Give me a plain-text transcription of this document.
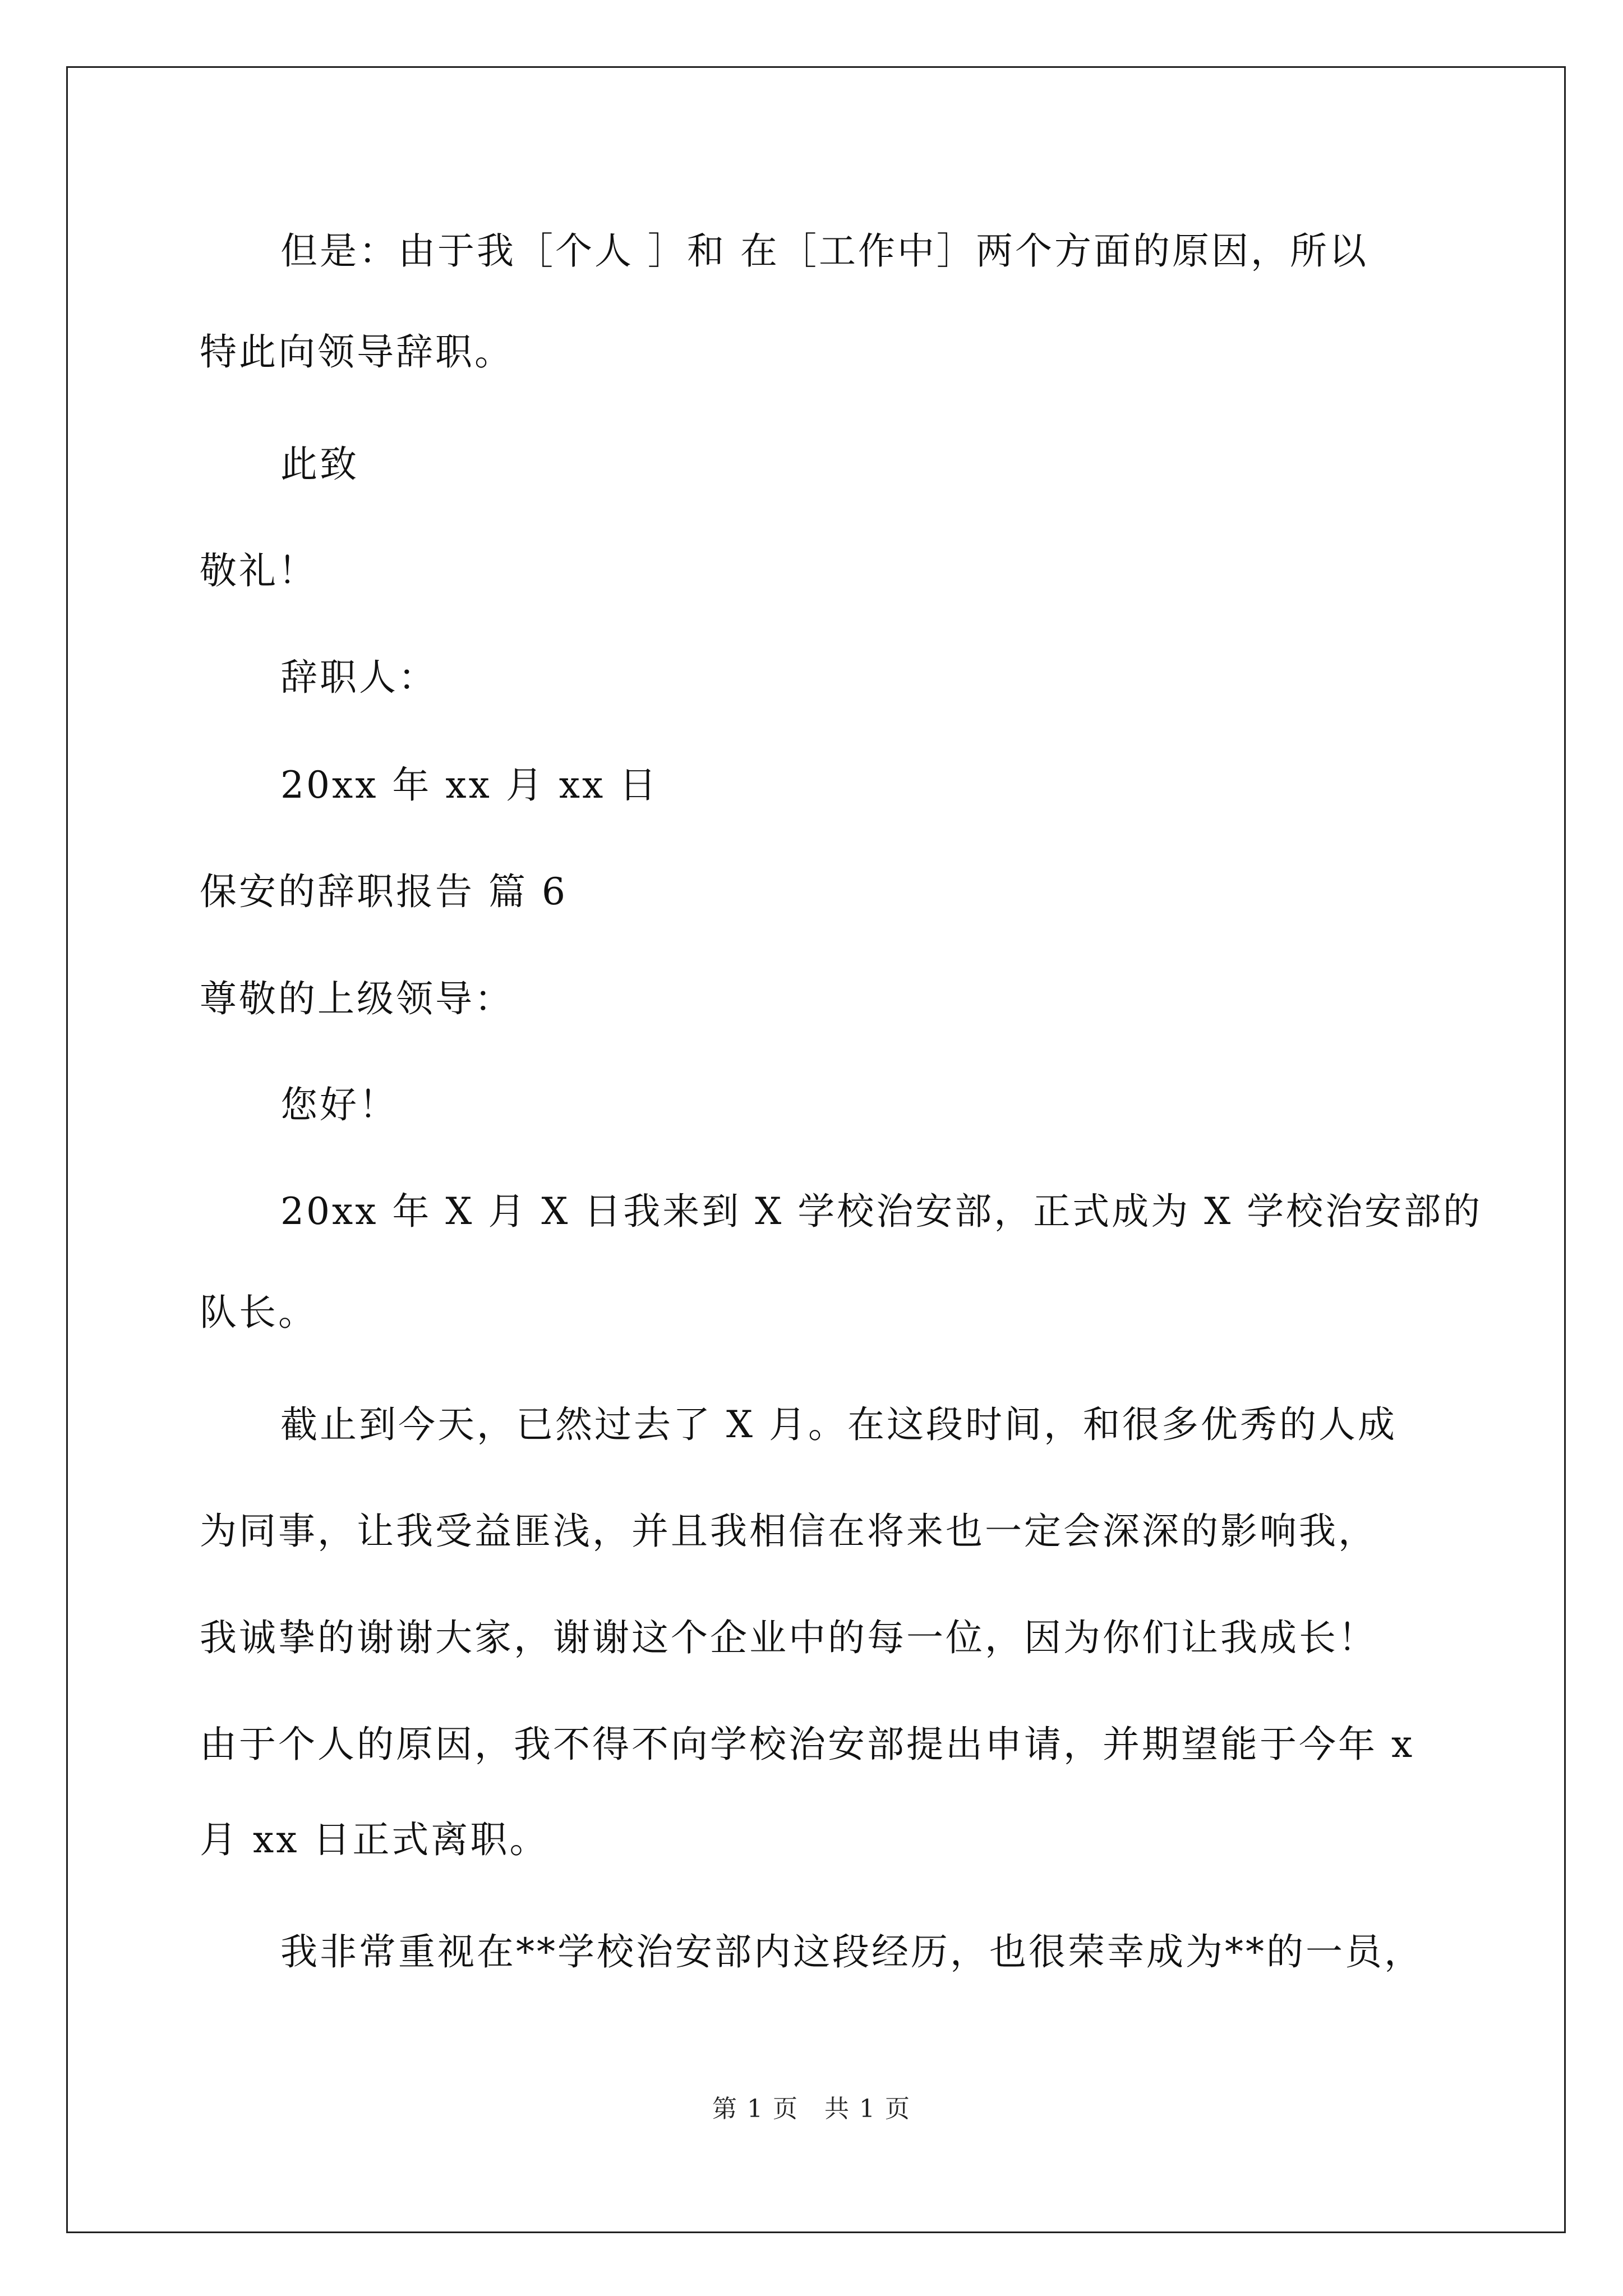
但是：由于我［个人 ］和 在［工作中］两个方面的原因，所以
特此向领导辞职。
此致
敬礼！
辞职人：
20xx 年 xx 月 xx 日
保安的辞职报告 篇 6
尊敬的上级领导：
您好！
20xx 年 X 月 X 日我来到 X 学校治安部，正式成为 X 学校治安部的
队长。
截止到今天，已然过去了 X 月。在这段时间，和很多优秀的人成
为同事，让我受益匪浅，并且我相信在将来也一定会深深的影响我，
我诚挚的谢谢大家，谢谢这个企业中的每一位，因为你们让我成长！
由于个人的原因，我不得不向学校治安部提出申请，并期望能于今年 x
月 xx 日正式离职。
我非常重视在**学校治安部内这段经历，也很荣幸成为**的一员，
第 1 页　共 1 页
